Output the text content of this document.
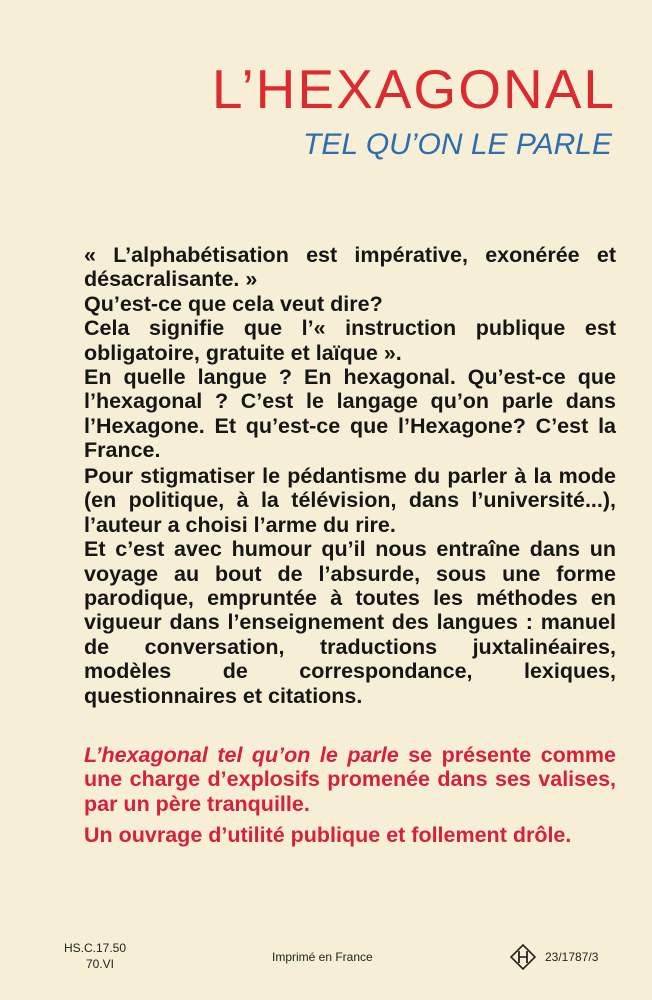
L’HEXAGONAL
TEL QU’ON LE PARLE

« L’alphabétisation est impérative, exonérée et désacralisante. »

Qu’est-ce que cela veut dire?

Cela signifie que l’« instruction publique est obligatoire, gratuite et laïque ».

En quelle langue ? En hexagonal. Qu’est-ce que l’hexagonal ? C’est le langage qu’on parle dans l’Hexagone. Et qu’est-ce que l’Hexagone? C’est la France.

Pour stigmatiser le pédantisme du parler à la mode (en politique, à la télévision, dans l’université...), l’auteur a choisi l’arme du rire.

Et c’est avec humour qu’il nous entraîne dans un voyage au bout de l’absurde, sous une forme parodique, empruntée à toutes les méthodes en vigueur dans l’enseignement des langues : manuel de conversation, traductions juxtalinéaires, modèles de correspondance, lexiques, questionnaires et citations.

L’hexagonal tel qu’on le parle se présente comme une charge d’explosifs promenée dans ses valises, par un père tranquille.

Un ouvrage d’utilité publique et follement drôle.

HS.C.17.50
70.VI	Imprimé en France	23/1787/3
